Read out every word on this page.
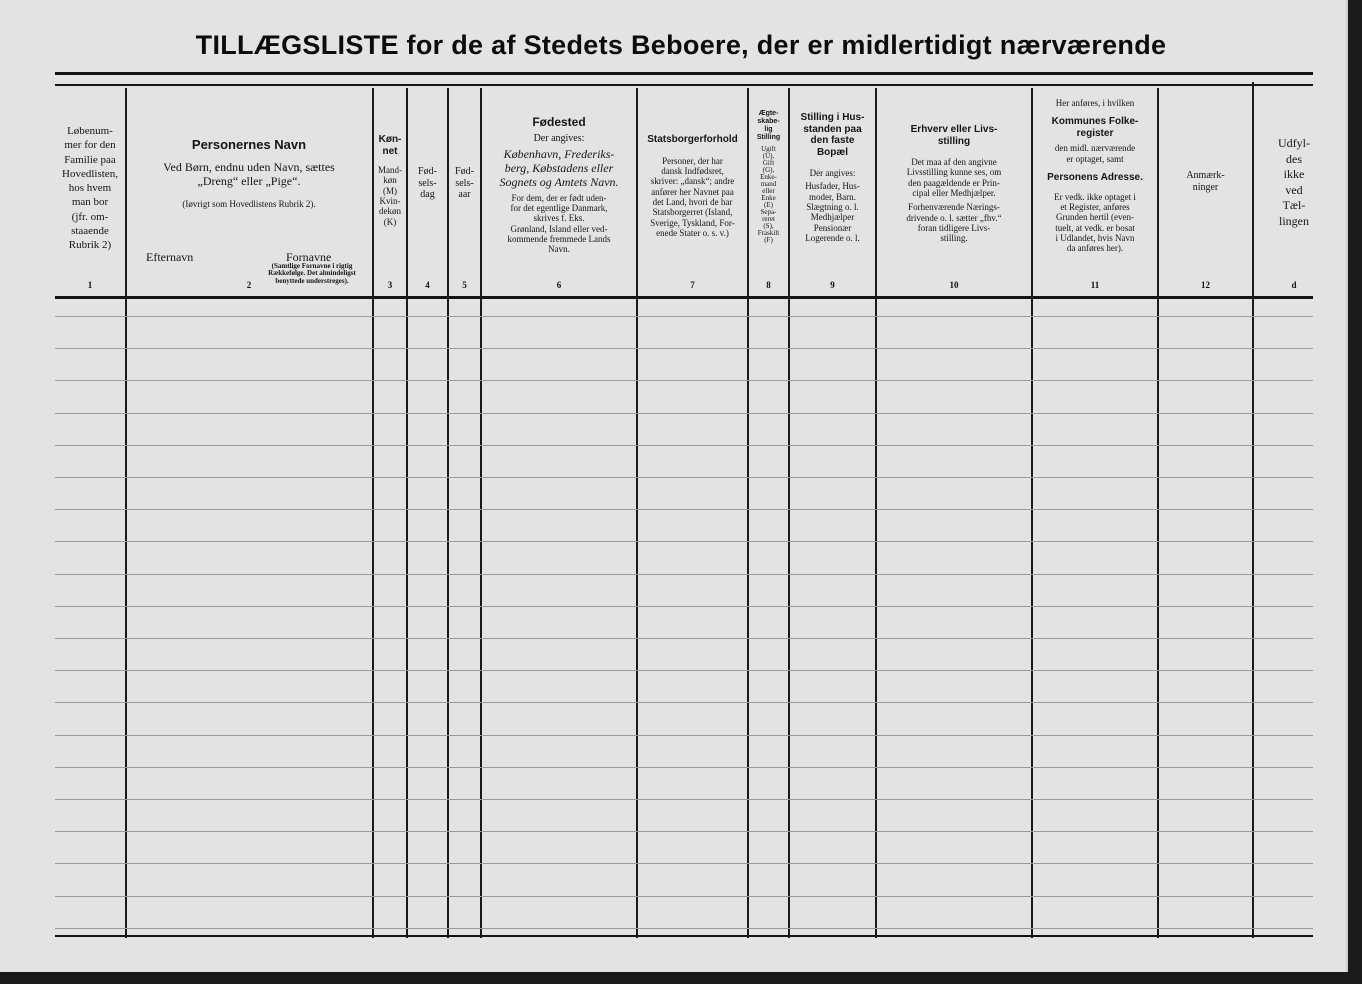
TILLÆGSLISTE for de af Stedets Beboere, der er midlertidigt nærværende
Løbenum-
mer for den
Familie paa
Hovedlisten,
hos hvem
man bor
(jfr. om-
staaende
Rubrik 2)
1
Personernes Navn
Ved Børn, endnu uden Navn, sættes „Dreng“ eller „Pige“.
(Iøvrigt som Hovedlistens Rubrik 2).
Efternavn	Fornavne
(Samtlige Fornavne i rigtig Rækkefølge. Det almindeligst benyttede understreges).
2
Køn-
net
Mand-
køn
(M)
Kvin-
dekøn
(K)
3
Fød-
sels-
dag
4
Fød-
sels-
aar
5
Fødested
Der angives:
København, Frederiks-
berg, Købstadens eller
Sognets og Amtets Navn.
For dem, der er født uden-
for det egentlige Danmark,
skrives f. Eks.
Grønland, Island eller ved-
kommende fremmede Lands
Navn.
6
Statsborgerforhold
Personer, der har
dansk Indfødsret,
skriver: „dansk“; andre
anfører her Navnet paa
det Land, hvori de har
Statsborgerret (Island,
Sverige, Tyskland, For-
enede Stater o. s. v.)
7
Ægte-
skabe-
lig
Stilling
Ugift
(U),
Gift
(G),
Enke-
mand
eller
Enke
(E)
Sepa-
reret
(S),
Fraskilt
(F)
8
Stilling i Hus-
standen paa
den faste
Bopæl
Der angives:
Husfader, Hus-
moder, Barn.
Slægtning o. l.
Medhjælper
Pensionær
Logerende o. l.
9
Erhverv eller Livs-
stilling
Det maa af den angivne
Livsstilling kunne ses, om
den paagældende er Prin-
cipal eller Medhjælper.
Forhenværende Nærings-
drivende o. l. sætter „fhv.“
foran tidligere Livs-
stilling.
10
Her anføres, i hvilken
Kommunes Folke-
register
den midl. nærværende
er optaget, samt
Personens Adresse.
Er vedk. ikke optaget i
et Register, anføres
Grunden hertil (even-
tuelt, at vedk. er bosat
i Udlandet, hvis Navn
da anføres her).
11
Anmærk-
ninger
12
Udfyl-
des
ikke
ved
Tæl-
lingen
d
